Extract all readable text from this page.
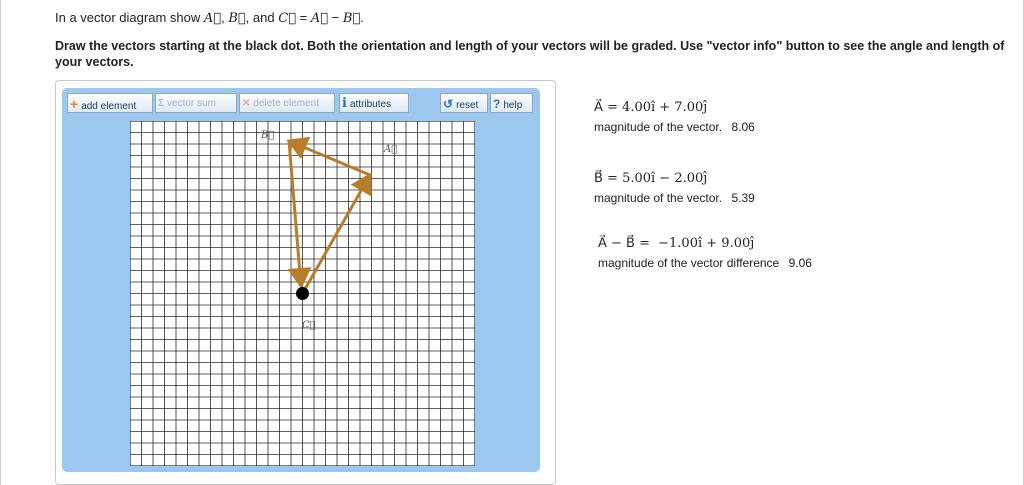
In a vector diagram show A⃗, B⃗, and C⃗ = A⃗ − B⃗.
Draw the vectors starting at the black dot. Both the orientation and length of your vectors will be graded. Use "vector info" button to see the angle and length of your vectors.
+ add element	Σ vector sum	✕ delete element	i attributes	↺ reset	? help
B⃗
A⃗
C⃗
A⃗ = 4.00î + 7.00ĵ
magnitude of the vector. 8.06
B⃗ = 5.00î − 2.00ĵ
magnitude of the vector. 5.39
A⃗ − B⃗ = −1.00î + 9.00ĵ
magnitude of the vector difference 9.06
